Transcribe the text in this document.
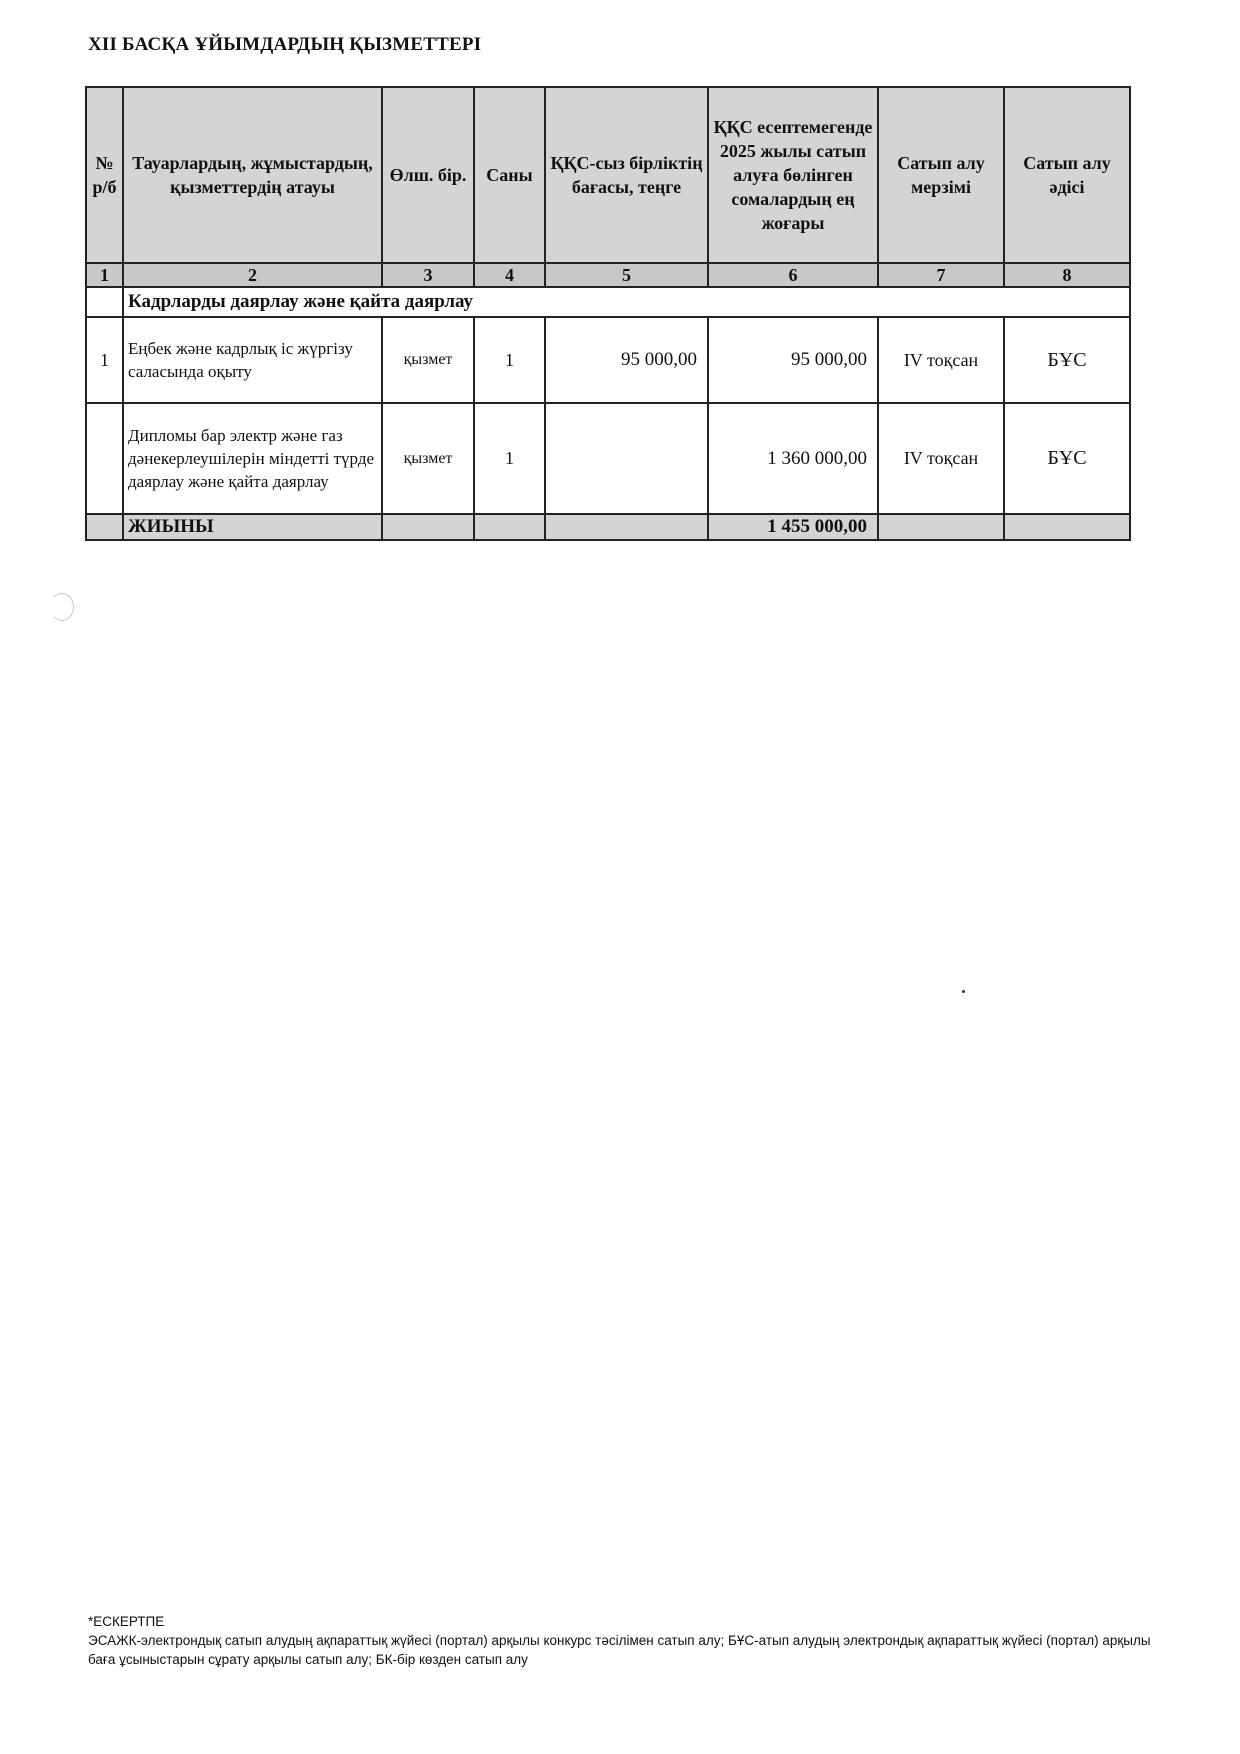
XII БАСҚА ҰЙЫМДАРДЫҢ ҚЫЗМЕТТЕРІ
№ р/б	Тауарлардың, жұмыстардың, қызметтердің атауы	Өлш. бір.	Саны	ҚҚС-сыз бірліктің бағасы, теңге	ҚҚС есептемегенде 2025 жылы сатып алуға бөлінген сомалардың ең жоғары	Сатып алу мерзімі	Сатып алу әдісі

1	2	3	4	5	6	7	8
	Кадрларды даярлау және қайта даярлау						
1	Еңбек және кадрлық іс жүргізу саласында оқыту	қызмет	1	95 000,00	95 000,00	IV тоқсан	БҰС
	Дипломы бар электр және газ дәнекерлеушілерін міндетті түрде даярлау және қайта даярлау	қызмет	1		1 360 000,00	IV тоқсан	БҰС
	ЖИЫНЫ				1 455 000,00		
*ЕСКЕРТПЕ
ЭСАЖК-электрондық сатып алудың ақпараттық жүйесі (портал) арқылы конкурс тәсілімен сатып алу; БҰС-атып алудың электрондық ақпараттық жүйесі (портал) арқылы баға ұсыныстарын сұрату арқылы сатып алу; БК-бір көзден сатып алу
